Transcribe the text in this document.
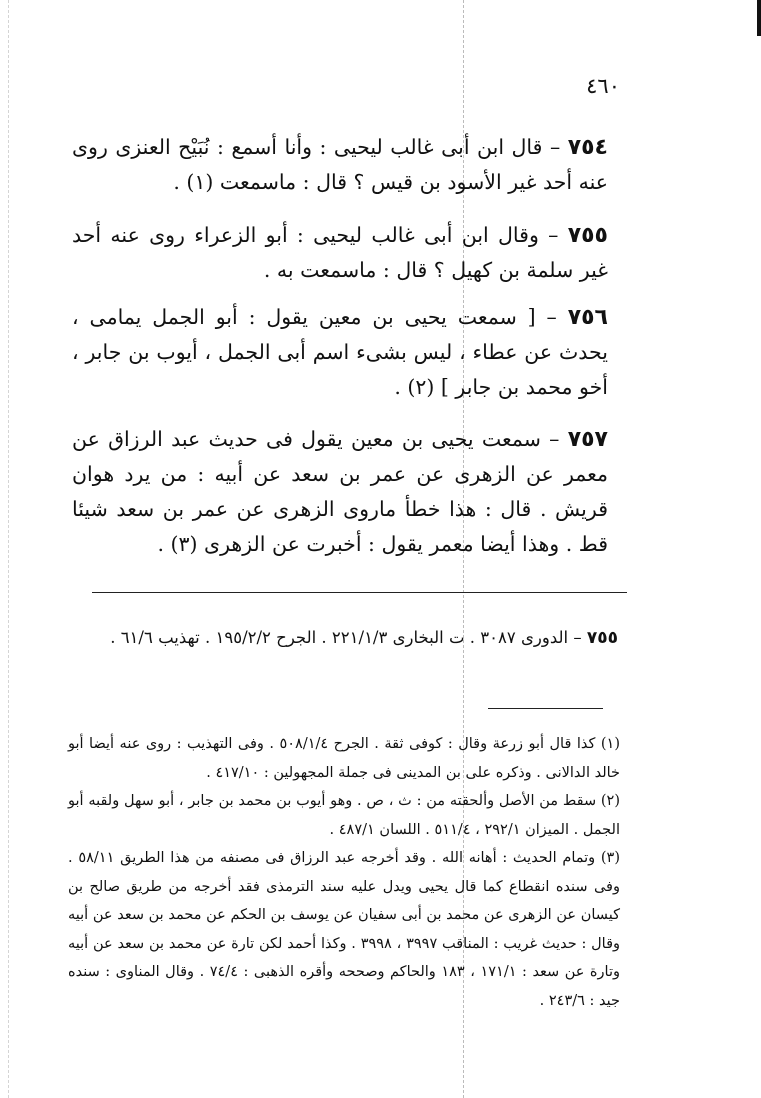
٤٦٠
٧٥٤ – قال ابن أبى غالب ليحيى : وأنا أسمع : نُبَيْح العنزى روى عنه أحد غير الأسود بن قيس ؟ قال : ماسمعت (١) .
٧٥٥ – وقال ابن أبى غالب ليحيى : أبو الزعراء روى عنه أحد غير سلمة بن كهيل ؟ قال : ماسمعت به .
٧٥٦ – [ سمعت يحيى بن معين يقول : أبو الجمل يمامى ، يحدث عن عطاء ، ليس بشىء اسم أبى الجمل ، أيوب بن جابر ، أخو محمد بن جابر ] (٢) .
٧٥٧ – سمعت يحيى بن معين يقول فى حديث عبد الرزاق عن معمر عن الزهرى عن عمر بن سعد عن أبيه : من يرد هوان قريش . قال : هذا خطأ ماروى الزهرى عن عمر بن سعد شيئا قط . وهذا أيضا معمر يقول : أخبرت عن الزهرى (٣) .
٧٥٥ – الدورى ٣٠٨٧ . ت البخارى ٢٢١/١/٣ . الجرح ١٩٥/٢/٢ . تهذيب ٦١/٦ .
(١) كذا قال أبو زرعة وقال : كوفى ثقة . الجرح ٥٠٨/١/٤ . وفى التهذيب : روى عنه أيضا أبو خالد الدالانى . وذكره على بن المدينى فى جملة المجهولين : ٤١٧/١٠ .
(٢) سقط من الأصل وألحقته من : ث ، ص . وهو أيوب بن محمد بن جابر ، أبو سهل ولقبه أبو الجمل . الميزان ٢٩٢/١ ، ٥١١/٤ . اللسان ٤٨٧/١ .
(٣) وتمام الحديث : أهانه الله . وقد أخرجه عبد الرزاق فى مصنفه من هذا الطريق ٥٨/١١ . وفى سنده انقطاع كما قال يحيى ويدل عليه سند الترمذى فقد أخرجه من طريق صالح بن كيسان عن الزهرى عن محمد بن أبى سفيان عن يوسف بن الحكم عن محمد بن سعد عن أبيه وقال : حديث غريب : المناقب ٣٩٩٧ ، ٣٩٩٨ . وكذا أحمد لكن تارة عن محمد بن سعد عن أبيه وتارة عن سعد : ١٧١/١ ، ١٨٣ والحاكم وصححه وأقره الذهبى : ٧٤/٤ . وقال المناوى : سنده جيد : ٢٤٣/٦ .
